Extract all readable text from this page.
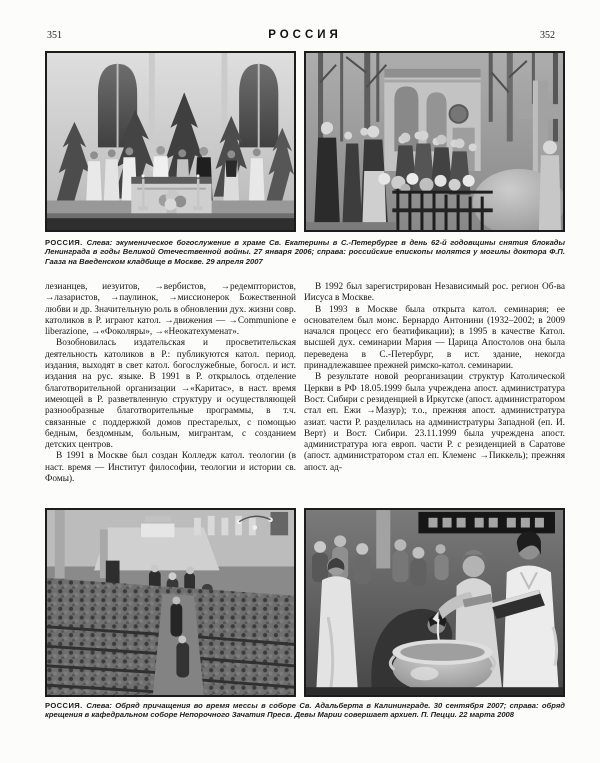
351	РОССИЯ	352
РОССИЯ. Слева: экуменическое богослужение в храме Св. Екатерины в С.-Петербурге в день 62-й годовщины снятия блокады Ленинграда в годы Великой Отечественной войны. 27 января 2006; справа: российские епископы молятся у могилы доктора Ф.П. Гааза на Введенском кладбище в Москве. 29 апреля 2007

лезианцев, иезуитов, →вербистов, →редемптористов, →лазаристов, →паулинок, →миссионерок Божественной любви и др. Значительную роль в обновлении дух. жизни совр. католиков в Р. играют катол. →движения — →Communione e liberazione, →«Фоколяры», →«Неокатехуменат».

Возобновилась издательская и просветительская деятельность католиков в Р.: публикуются катол. период. издания, выходят в свет катол. богослужебные, богосл. и ист. издания на рус. языке. В 1991 в Р. открылось отделение благотворительной организации →«Каритас», в наст. время имеющей в Р. разветвленную структуру и осуществляющей разнообразные благотворительные программы, в т.ч. связанные с поддержкой домов престарелых, с помощью бедным, бездомным, больным, мигрантам, с созданием детских центров.

В 1991 в Москве был создан Колледж катол. теологии (в наст. время — Институт философии, теологии и истории св. Фомы).

В 1992 был зарегистрирован Независимый рос. регион Об-ва Иисуса в Москве.

В 1993 в Москве была открыта катол. семинария; ее основателем был монс. Бернардо Антонини (1932–2002; в 2009 начался процесс его беатификации); в 1995 в качестве Катол. высшей дух. семинарии Мария — Царица Апостолов она была переведена в С.-Петербург, в ист. здание, некогда принадлежавшее прежней римско-катол. семинарии.

В результате новой реорганизации структур Католической Церкви в РФ 18.05.1999 была учреждена апост. администратура Вост. Сибири с резиденцией в Иркутске (апост. администратором стал еп. Ежи →Мазур); т.о., прежняя апост. администратура азиат. части Р. разделилась на администратуры Западной (еп. И. Верт) и Вост. Сибири. 23.11.1999 была учреждена апост. администратура юга европ. части Р. с резиденцией в Саратове (апост. администратором стал еп. Клеменс →Пиккель); прежняя апост. ад-

РОССИЯ. Слева: Обряд причащения во время мессы в соборе Св. Адальберта в Калининграде. 30 сентября 2007; справа: обряд крещения в кафедральном соборе Непорочного Зачатия Пресв. Девы Марии совершает архиеп. П. Пецци. 22 марта 2008
